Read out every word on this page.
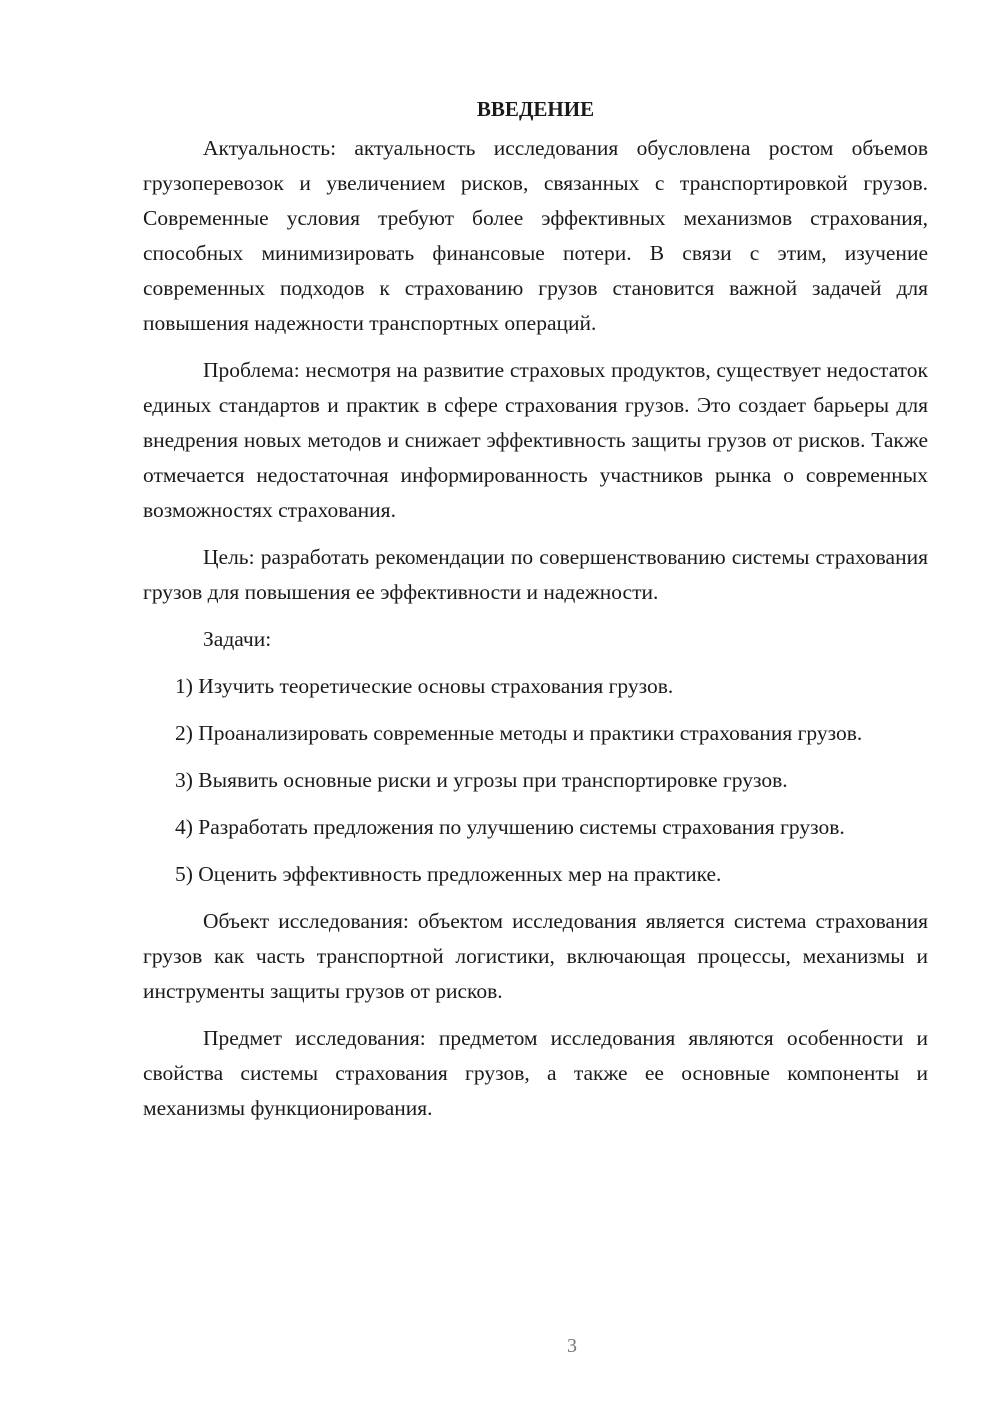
ВВЕДЕНИЕ

Актуальность: актуальность исследования обусловлена ростом объемов грузоперевозок и увеличением рисков, связанных с транспортировкой грузов. Современные условия требуют более эффективных механизмов страхования, способных минимизировать финансовые потери. В связи с этим, изучение современных подходов к страхованию грузов становится важной задачей для повышения надежности транспортных операций.

Проблема: несмотря на развитие страховых продуктов, существует недостаток единых стандартов и практик в сфере страхования грузов. Это создает барьеры для внедрения новых методов и снижает эффективность защиты грузов от рисков. Также отмечается недостаточная информированность участников рынка о современных возможностях страхования.

Цель: разработать рекомендации по совершенствованию системы страхования грузов для повышения ее эффективности и надежности.

Задачи:

1) Изучить теоретические основы страхования грузов.

2) Проанализировать современные методы и практики страхования грузов.

3) Выявить основные риски и угрозы при транспортировке грузов.

4) Разработать предложения по улучшению системы страхования грузов.

5) Оценить эффективность предложенных мер на практике.

Объект исследования: объектом исследования является система страхования грузов как часть транспортной логистики, включающая процессы, механизмы и инструменты защиты грузов от рисков.

Предмет исследования: предметом исследования являются особенности и свойства системы страхования грузов, а также ее основные компоненты и механизмы функционирования.

3
